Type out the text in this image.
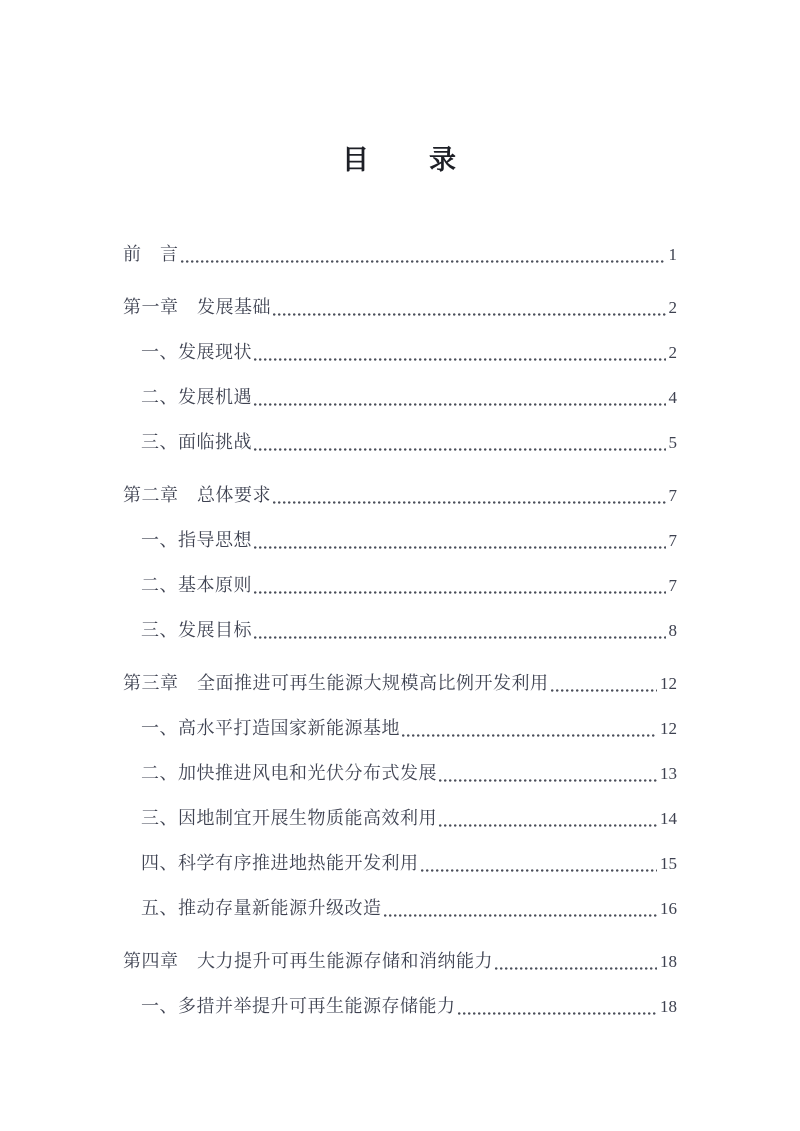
目　　录
前　言	1
第一章　发展基础	2
一、发展现状	2
二、发展机遇	4
三、面临挑战	5
第二章　总体要求	7
一、指导思想	7
二、基本原则	7
三、发展目标	8
第三章　全面推进可再生能源大规模高比例开发利用	12
一、高水平打造国家新能源基地	12
二、加快推进风电和光伏分布式发展	13
三、因地制宜开展生物质能高效利用	14
四、科学有序推进地热能开发利用	15
五、推动存量新能源升级改造	16
第四章　大力提升可再生能源存储和消纳能力	18
一、多措并举提升可再生能源存储能力	18
